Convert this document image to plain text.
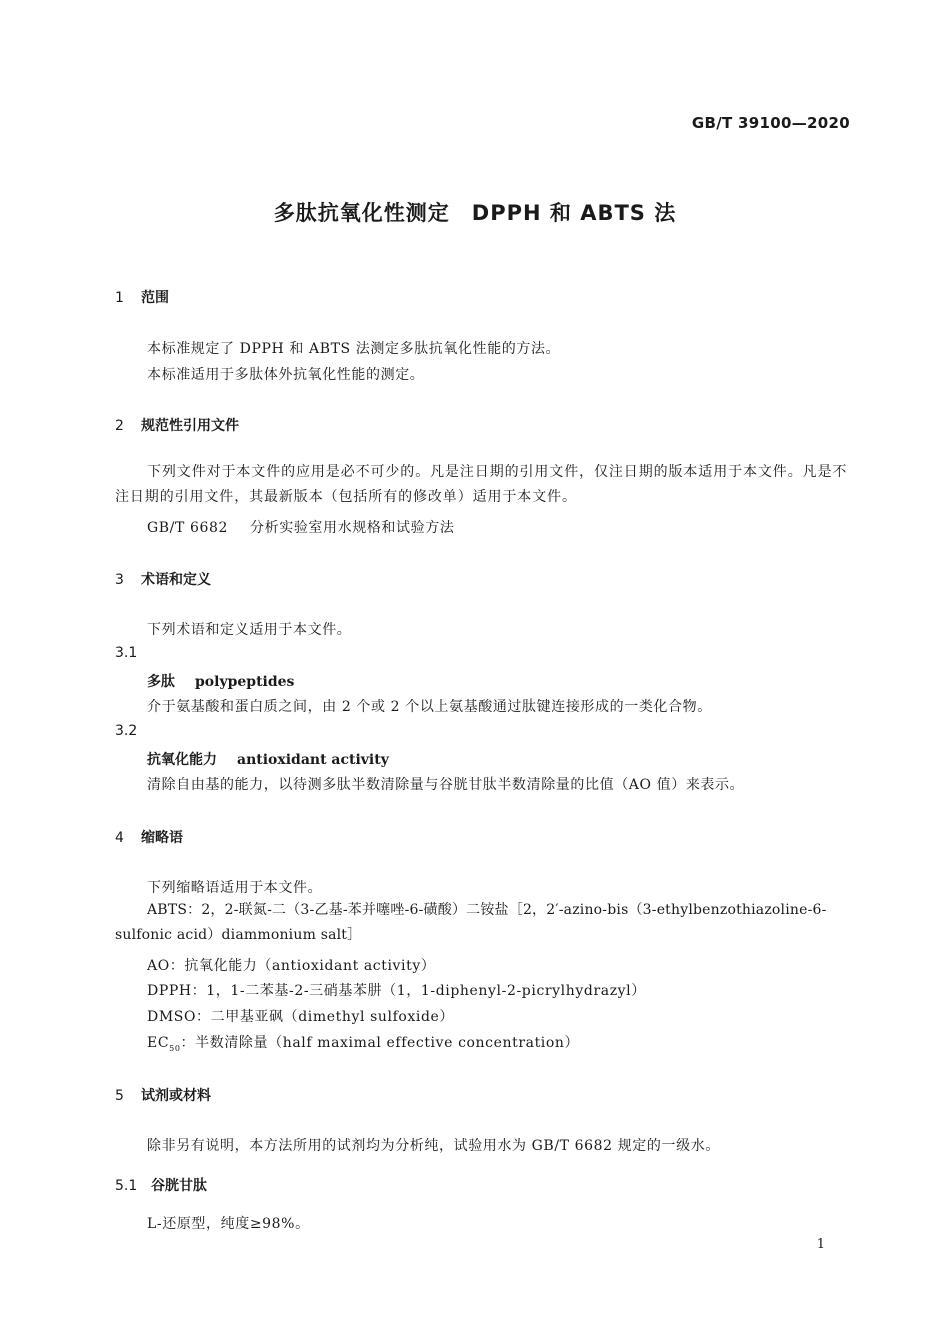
GB/T 39100—2020
多肽抗氧化性测定　DPPH 和 ABTS 法
1 范围
本标准规定了 DPPH 和 ABTS 法测定多肽抗氧化性能的方法。
本标准适用于多肽体外抗氧化性能的测定。
2 规范性引用文件
下列文件对于本文件的应用是必不可少的。凡是注日期的引用文件，仅注日期的版本适用于本文件。凡是不注日期的引用文件，其最新版本（包括所有的修改单）适用于本文件。
GB/T 6682 分析实验室用水规格和试验方法
3 术语和定义
下列术语和定义适用于本文件。
3.1
多肽 polypeptides
介于氨基酸和蛋白质之间，由 2 个或 2 个以上氨基酸通过肽键连接形成的一类化合物。
3.2
抗氧化能力 antioxidant activity
清除自由基的能力，以待测多肽半数清除量与谷胱甘肽半数清除量的比值（AO 值）来表示。
4 缩略语
下列缩略语适用于本文件。
ABTS：2，2-联氮-二（3-乙基-苯并噻唑-6-磺酸）二铵盐［2，2′-azino-bis（3-ethylbenzothiazoline-6-sulfonic acid）diammonium salt］
AO：抗氧化能力（antioxidant activity）
DPPH：1，1-二苯基-2-三硝基苯肼（1，1-diphenyl-2-picrylhydrazyl）
DMSO：二甲基亚砜（dimethyl sulfoxide）
$EC_{50}$：半数清除量（half maximal effective concentration）
5 试剂或材料
除非另有说明，本方法所用的试剂均为分析纯，试验用水为 GB/T 6682 规定的一级水。
5.1 谷胱甘肽
L-还原型，纯度≥98%。
1
